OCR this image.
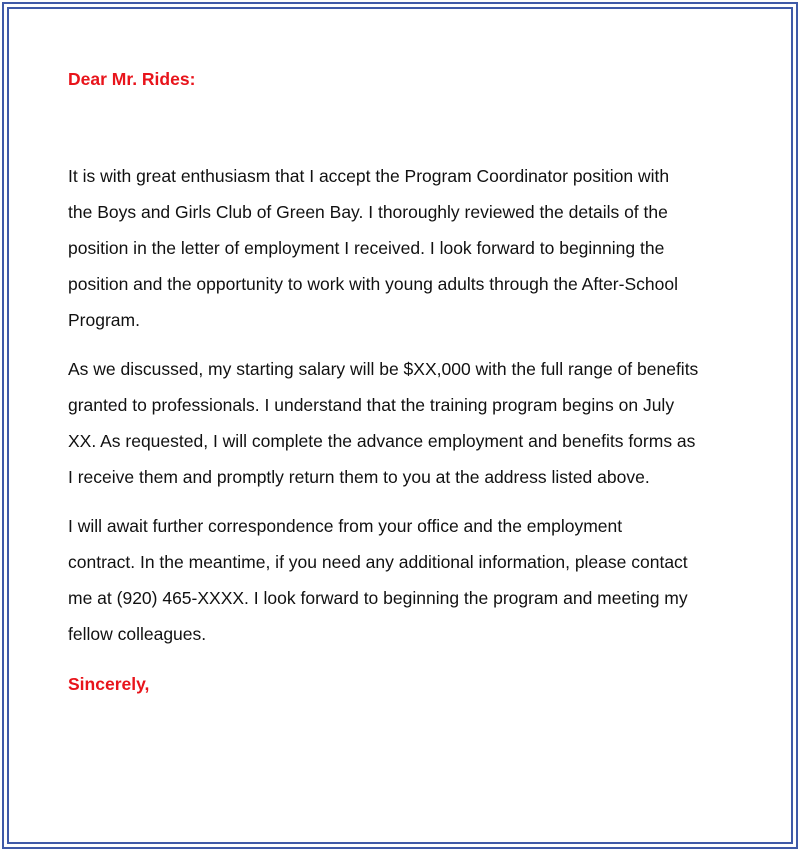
Dear Mr. Rides:

It is with great enthusiasm that I accept the Program Coordinator position with
the Boys and Girls Club of Green Bay. I thoroughly reviewed the details of the
position in the letter of employment I received. I look forward to beginning the
position and the opportunity to work with young adults through the After-School
Program.

As we discussed, my starting salary will be $XX,000 with the full range of benefits
granted to professionals. I understand that the training program begins on July
XX. As requested, I will complete the advance employment and benefits forms as
I receive them and promptly return them to you at the address listed above.

I will await further correspondence from your office and the employment
contract. In the meantime, if you need any additional information, please contact
me at (920) 465-XXXX. I look forward to beginning the program and meeting my
fellow colleagues.

Sincerely,
